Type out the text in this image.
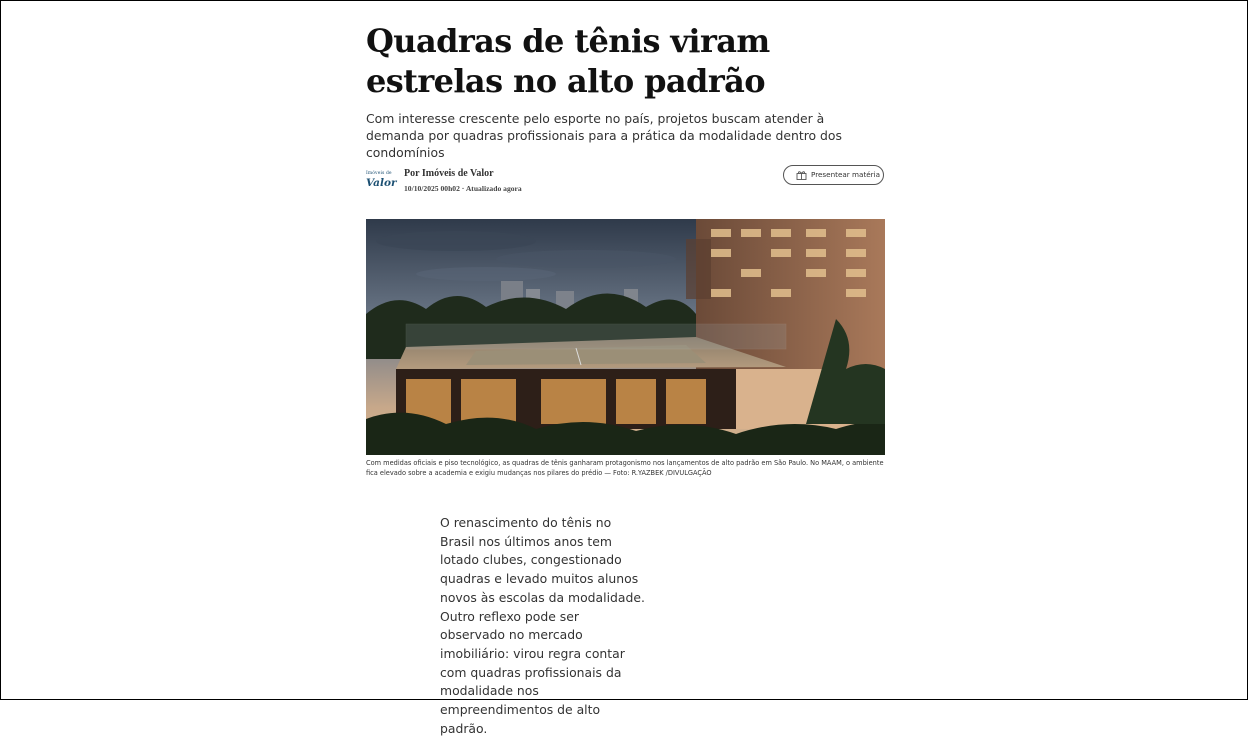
Quadras de tênis viram estrelas no alto padrão

Com interesse crescente pelo esporte no país, projetos buscam atender à demanda por quadras profissionais para a prática da modalidade dentro dos condomínios

Imóveis de
Valor
Por Imóveis de Valor
10/10/2025 00h02 · Atualizado agora
Presentear matéria

Com medidas oficiais e piso tecnológico, as quadras de tênis ganharam protagonismo nos lançamentos de alto padrão em São Paulo. No MAAM, o ambiente fica elevado sobre a academia e exigiu mudanças nos pilares do prédio — Foto: R.YAZBEK /DIVULGAÇÃO

O renascimento do tênis no Brasil nos últimos anos tem lotado clubes, congestionado quadras e levado muitos alunos novos às escolas da modalidade. Outro reflexo pode ser observado no mercado imobiliário: virou regra contar com quadras profissionais da modalidade nos empreendimentos de alto padrão.
